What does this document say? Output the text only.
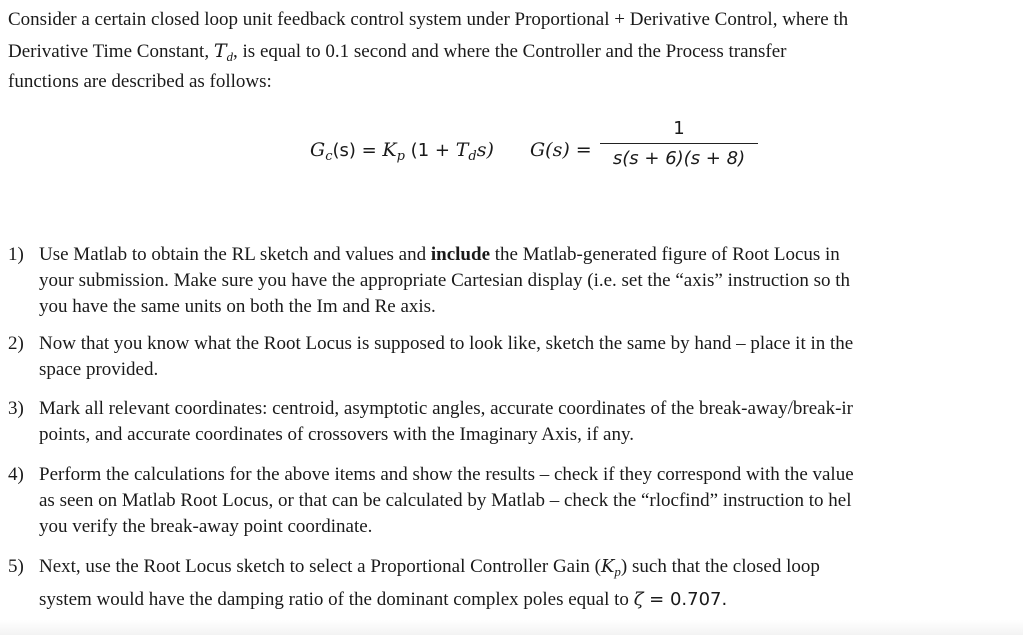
Consider a certain closed loop unit feedback control system under Proportional + Derivative Control, where th
Derivative Time Constant, $T_d$, is equal to 0.1 second and where the Controller and the Process transfer
functions are described as follows:
$G_c(s) = K_p$ $(1 + T_ds)$ G(s) =
1
s(s + 6)(s + 8)
1) Use Matlab to obtain the RL sketch and values and include the Matlab-generated figure of Root Locus in
your submission. Make sure you have the appropriate Cartesian display (i.e. set the “axis” instruction so th
you have the same units on both the Im and Re axis.
2) Now that you know what the Root Locus is supposed to look like, sketch the same by hand – place it in the
space provided.
3) Mark all relevant coordinates: centroid, asymptotic angles, accurate coordinates of the break-away/break-ir
points, and accurate coordinates of crossovers with the Imaginary Axis, if any.
4) Perform the calculations for the above items and show the results – check if they correspond with the value
as seen on Matlab Root Locus, or that can be calculated by Matlab – check the “rlocfind” instruction to hel
you verify the break-away point coordinate.
5) Next, use the Root Locus sketch to select a Proportional Controller Gain $(K_p)$ such that the closed loop
system would have the damping ratio of the dominant complex poles equal to ζ = 0.707.
